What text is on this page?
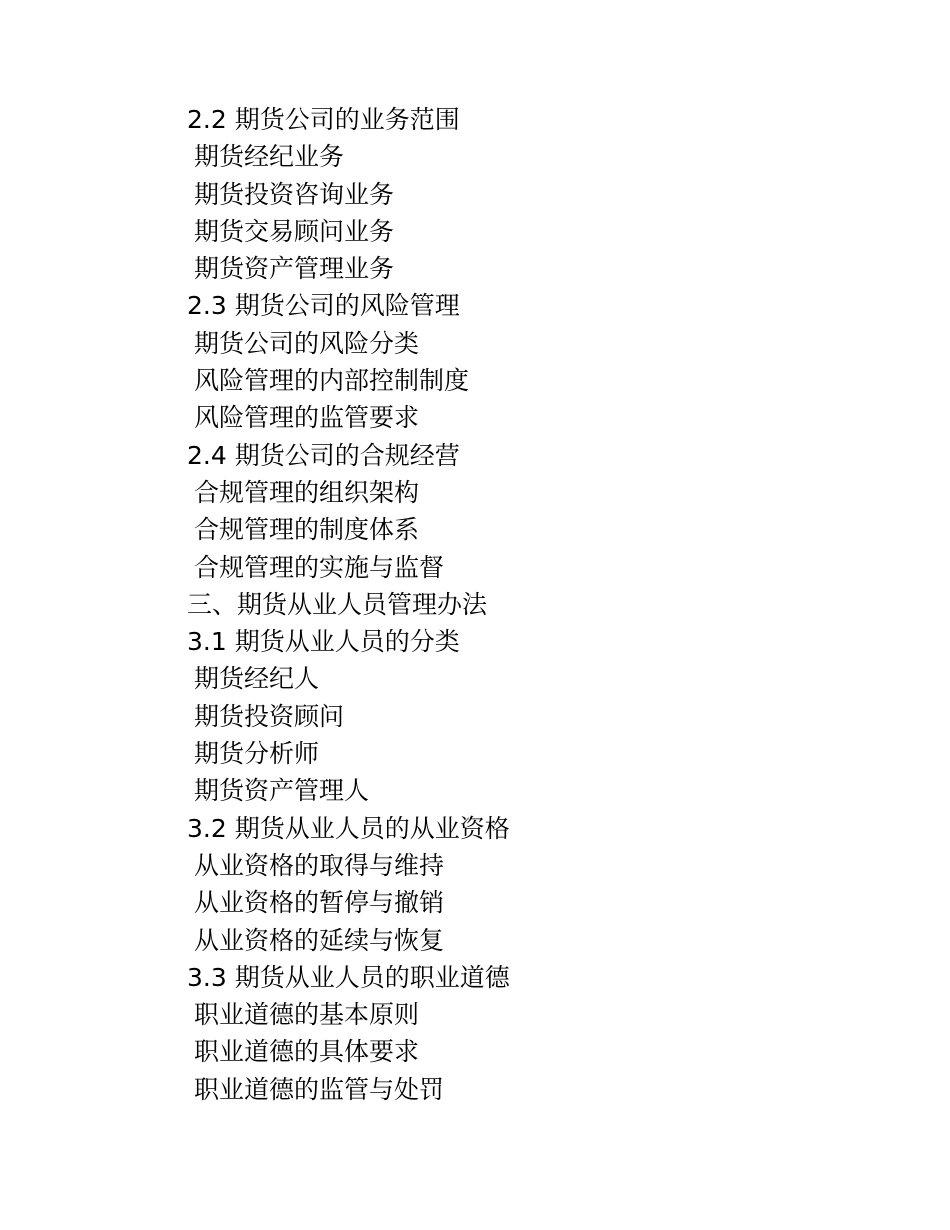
2.2 期货公司的业务范围
期货经纪业务
期货投资咨询业务
期货交易顾问业务
期货资产管理业务
2.3 期货公司的风险管理
期货公司的风险分类
风险管理的内部控制制度
风险管理的监管要求
2.4 期货公司的合规经营
合规管理的组织架构
合规管理的制度体系
合规管理的实施与监督
三、期货从业人员管理办法
3.1 期货从业人员的分类
期货经纪人
期货投资顾问
期货分析师
期货资产管理人
3.2 期货从业人员的从业资格
从业资格的取得与维持
从业资格的暂停与撤销
从业资格的延续与恢复
3.3 期货从业人员的职业道德
职业道德的基本原则
职业道德的具体要求
职业道德的监管与处罚
